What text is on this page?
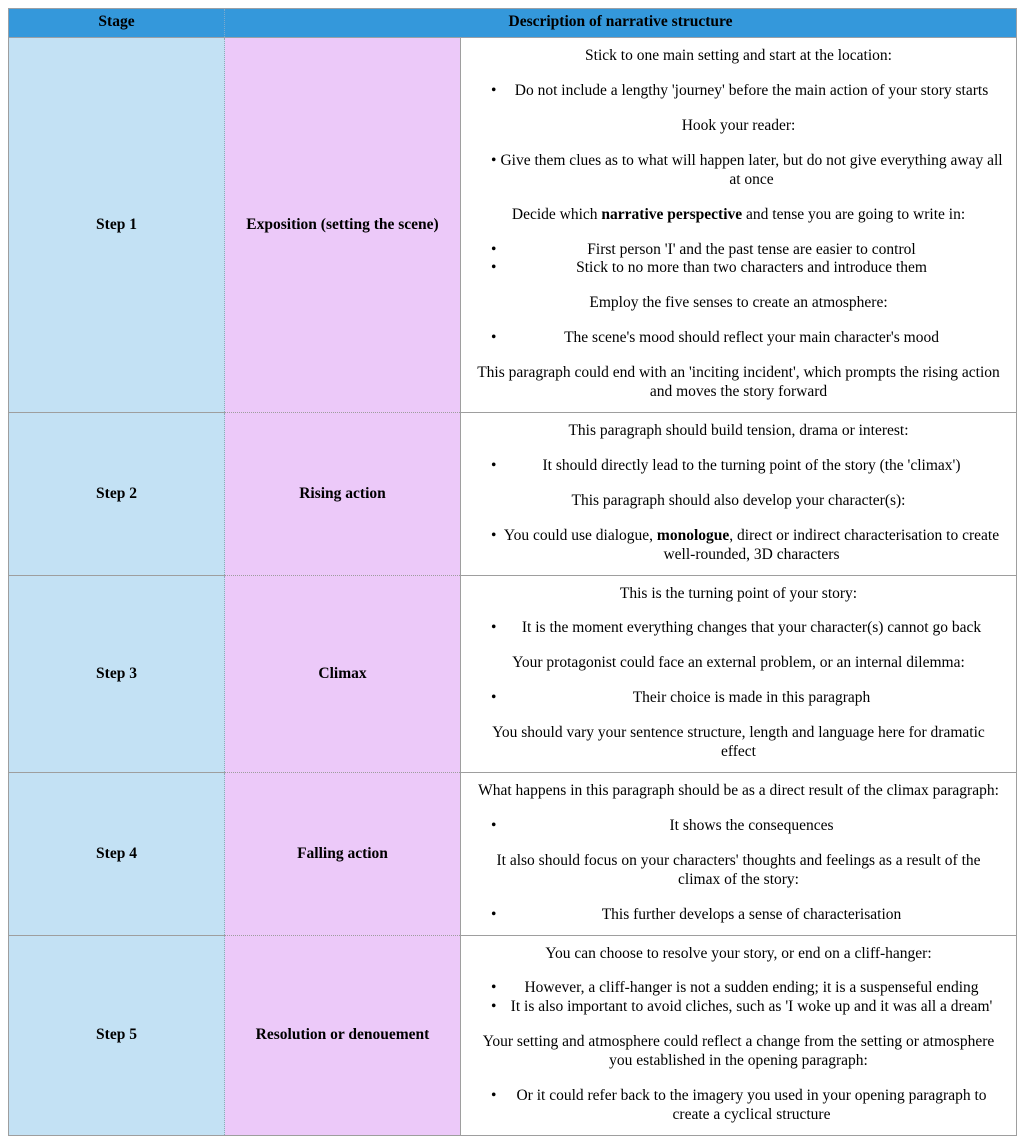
Stage	Description of narrative structure	
Step 1	Exposition (setting the scene)	
Stick to one main setting and start at the location:
• Do not include a lengthy 'journey' before the main action of your story starts
Hook your reader:
• Give them clues as to what will happen later, but do not give everything away all at once
Decide which narrative perspective and tense you are going to write in:
•	First person 'I' and the past tense are easier to control
•	Stick to no more than two characters and introduce them
Employ the five senses to create an atmosphere:
•	The scene's mood should reflect your main character's mood
This paragraph could end with an 'inciting incident', which prompts the rising action and moves the story forward

Step 2	Rising action	
This paragraph should build tension, drama or interest:
•	It should directly lead to the turning point of the story (the 'climax')
This paragraph should also develop your character(s):
• You could use dialogue, monologue, direct or indirect characterisation to create well-rounded, 3D characters

Step 3	Climax	
This is the turning point of your story:
• It is the moment everything changes that your character(s) cannot go back
Your protagonist could face an external problem, or an internal dilemma:
•	Their choice is made in this paragraph
You should vary your sentence structure, length and language here for dramatic effect

Step 4	Falling action	
What happens in this paragraph should be as a direct result of the climax paragraph:
•	It shows the consequences
It also should focus on your characters' thoughts and feelings as a result of the climax of the story:
•	This further develops a sense of characterisation

Step 5	Resolution or denouement	
You can choose to resolve your story, or end on a cliff-hanger:
• However, a cliff-hanger is not a sudden ending; it is a suspenseful ending
• It is also important to avoid cliches, such as 'I woke up and it was all a dream'
Your setting and atmosphere could reflect a change from the setting or atmosphere you established in the opening paragraph:
• Or it could refer back to the imagery you used in your opening paragraph to create a cyclical structure
